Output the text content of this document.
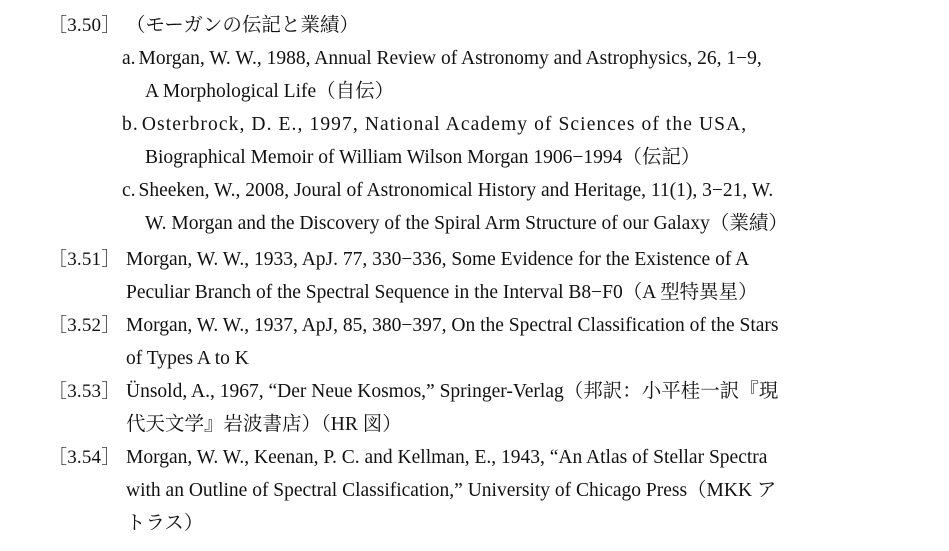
［3.50］ （モーガンの伝記と業績）
a. Morgan, W. W., 1988, Annual Review of Astronomy and Astrophysics, 26, 1−9,
A Morphological Life（自伝）
b. Osterbrock, D. E., 1997, National Academy of Sciences of the USA,
Biographical Memoir of William Wilson Morgan 1906−1994（伝記）
c. Sheeken, W., 2008, Joural of Astronomical History and Heritage, 11(1), 3−21, W.
W. Morgan and the Discovery of the Spiral Arm Structure of our Galaxy（業績）
［3.51］ Morgan, W. W., 1933, ApJ. 77, 330−336, Some Evidence for the Existence of A
Peculiar Branch of the Spectral Sequence in the Interval B8−F0（A 型特異星）
［3.52］ Morgan, W. W., 1937, ApJ, 85, 380−397, On the Spectral Classification of the Stars
of Types A to K
［3.53］ Ünsold, A., 1967, “Der Neue Kosmos,” Springer-Verlag（邦訳：小平桂一訳『現
代天文学』岩波書店）（HR 図）
［3.54］ Morgan, W. W., Keenan, P. C. and Kellman, E., 1943, “An Atlas of Stellar Spectra
with an Outline of Spectral Classification,” University of Chicago Press（MKK ア
トラス）
